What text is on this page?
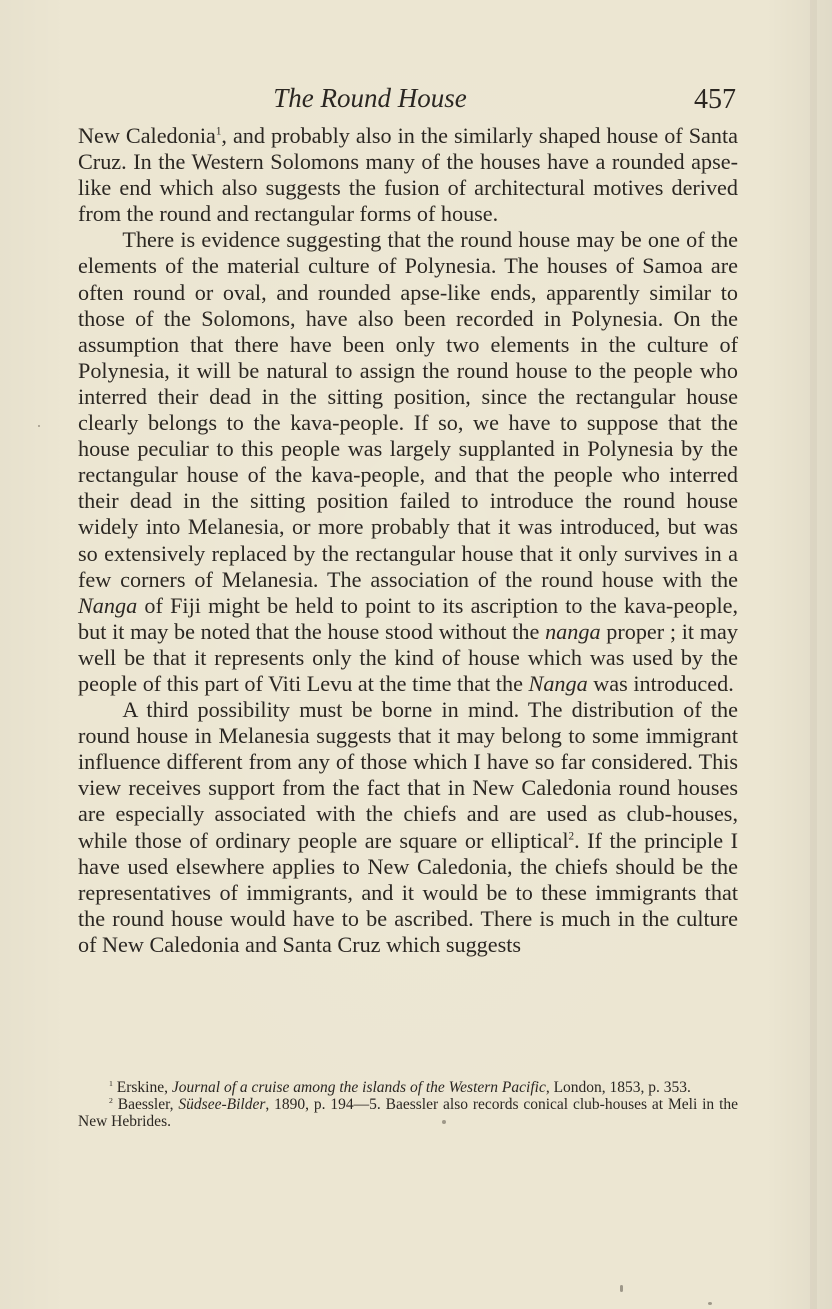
The Round House	457

New Caledonia$^1$, and probably also in the similarly shaped house of Santa Cruz. In the Western Solomons many of the houses have a rounded apse-like end which also suggests the fusion of architectural motives derived from the round and rectangular forms of house.

There is evidence suggesting that the round house may be one of the elements of the material culture of Polynesia. The houses of Samoa are often round or oval, and rounded apse-like ends, apparently similar to those of the Solomons, have also been recorded in Polynesia. On the assumption that there have been only two elements in the culture of Polynesia, it will be natural to assign the round house to the people who interred their dead in the sitting position, since the rectangular house clearly belongs to the kava-people. If so, we have to suppose that the house peculiar to this people was largely supplanted in Polynesia by the rectangular house of the kava-people, and that the people who interred their dead in the sitting position failed to introduce the round house widely into Melanesia, or more probably that it was introduced, but was so extensively replaced by the rectangular house that it only survives in a few corners of Melanesia. The association of the round house with the Nanga of Fiji might be held to point to its ascription to the kava-people, but it may be noted that the house stood without the nanga proper ; it may well be that it represents only the kind of house which was used by the people of this part of Viti Levu at the time that the Nanga was introduced.

A third possibility must be borne in mind. The distribution of the round house in Melanesia suggests that it may belong to some immigrant influence different from any of those which I have so far considered. This view receives support from the fact that in New Caledonia round houses are especially associated with the chiefs and are used as club-houses, while those of ordinary people are square or elliptical$^2$. If the principle I have used elsewhere applies to New Caledonia, the chiefs should be the representatives of immigrants, and it would be to these immigrants that the round house would have to be ascribed. There is much in the culture of New Caledonia and Santa Cruz which suggests

$^1$ Erskine, Journal of a cruise among the islands of the Western Pacific, London, 1853, p. 353.

$^2$ Baessler, Südsee-Bilder, 1890, p. 194—5. Baessler also records conical club-houses at Meli in the New Hebrides.
